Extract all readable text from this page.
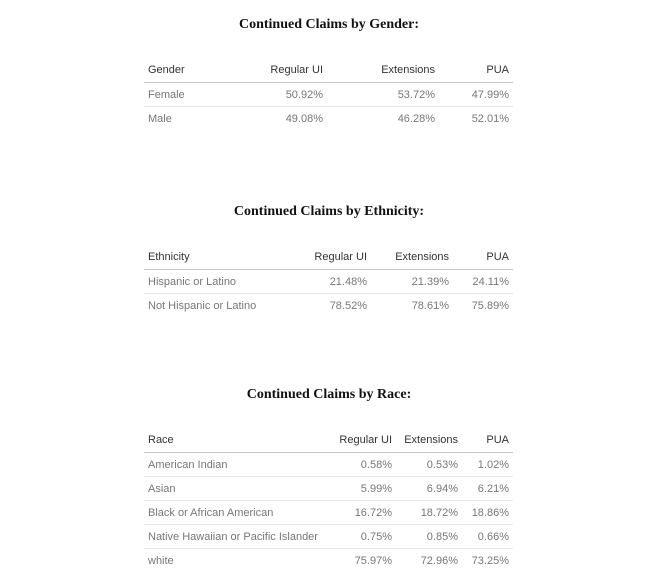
Continued Claims by Gender:
Gender	Regular UI	Extensions	PUA
Female	50.92%	53.72%	47.99%
Male	49.08%	46.28%	52.01%
Continued Claims by Ethnicity:
Ethnicity	Regular UI	Extensions	PUA
Hispanic or Latino	21.48%	21.39%	24.11%
Not Hispanic or Latino	78.52%	78.61%	75.89%
Continued Claims by Race:
Race	Regular UI	Extensions	PUA
American Indian	0.58%	0.53%	1.02%
Asian	5.99%	6.94%	6.21%
Black or African American	16.72%	18.72%	18.86%
Native Hawaiian or Pacific Islander	0.75%	0.85%	0.66%
white	75.97%	72.96%	73.25%
